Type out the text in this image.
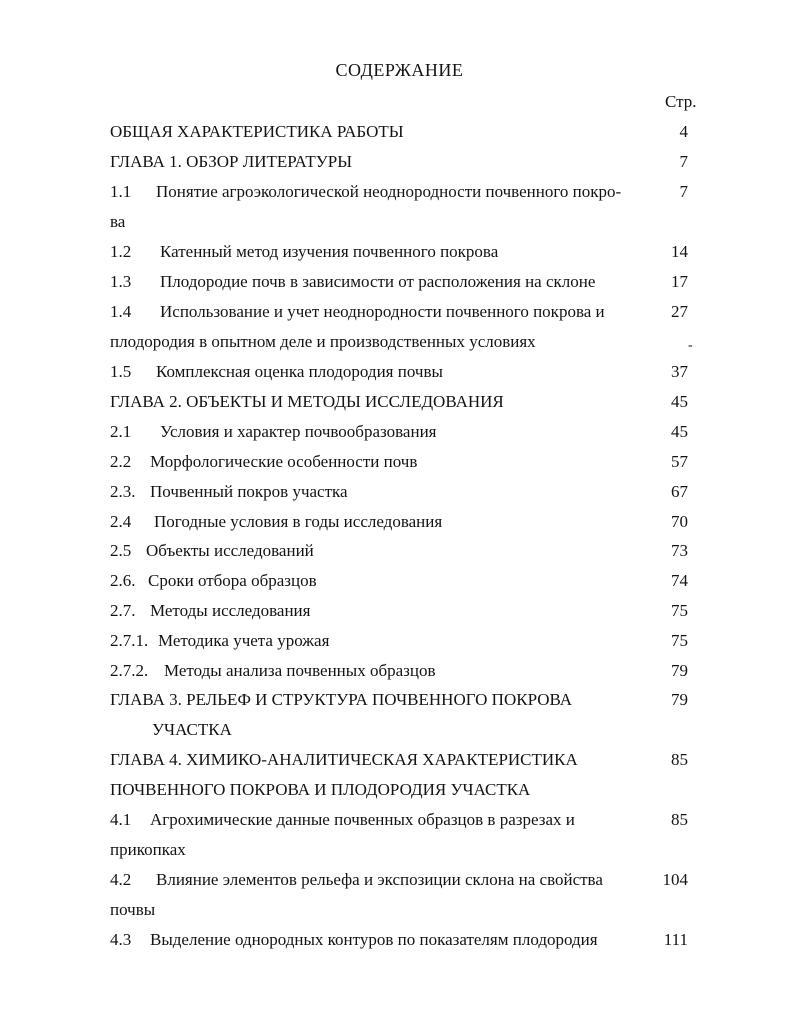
СОДЕРЖАНИЕ
Стр.
ОБЩАЯ ХАРАКТЕРИСТИКА РАБОТЫ	4
ГЛАВА 1. ОБЗОР ЛИТЕРАТУРЫ	7
1.1 Понятие агроэкологической неоднородности почвенного покро-	7
ва
1.2 Катенный метод изучения почвенного покрова	14
1.3 Плодородие почв в зависимости от расположения на склоне	17
1.4 Использование и учет неоднородности почвенного покрова и	27
плодородия в опытном деле и производственных условиях	-
1.5 Комплексная оценка плодородия почвы	37
ГЛАВА 2. ОБЪЕКТЫ И МЕТОДЫ ИССЛЕДОВАНИЯ	45
2.1 Условия и характер почвообразования	45
2.2 Морфологические особенности почв	57
2.3. Почвенный покров участка	67
2.4 Погодные условия в годы исследования	70
2.5 Объекты исследований	73
2.6. Сроки отбора образцов	74
2.7. Методы исследования	75
2.7.1. Методика учета урожая	75
2.7.2. Методы анализа почвенных образцов	79
ГЛАВА 3. РЕЛЬЕФ И СТРУКТУРА ПОЧВЕННОГО ПОКРОВА	79
УЧАСТКА
ГЛАВА 4. ХИМИКО-АНАЛИТИЧЕСКАЯ ХАРАКТЕРИСТИКА	85
ПОЧВЕННОГО ПОКРОВА И ПЛОДОРОДИЯ УЧАСТКА
4.1 Агрохимические данные почвенных образцов в разрезах и	85
прикопках
4.2 Влияние элементов рельефа и экспозиции склона на свойства	104
почвы
4.3 Выделение однородных контуров по показателям плодородия	111
